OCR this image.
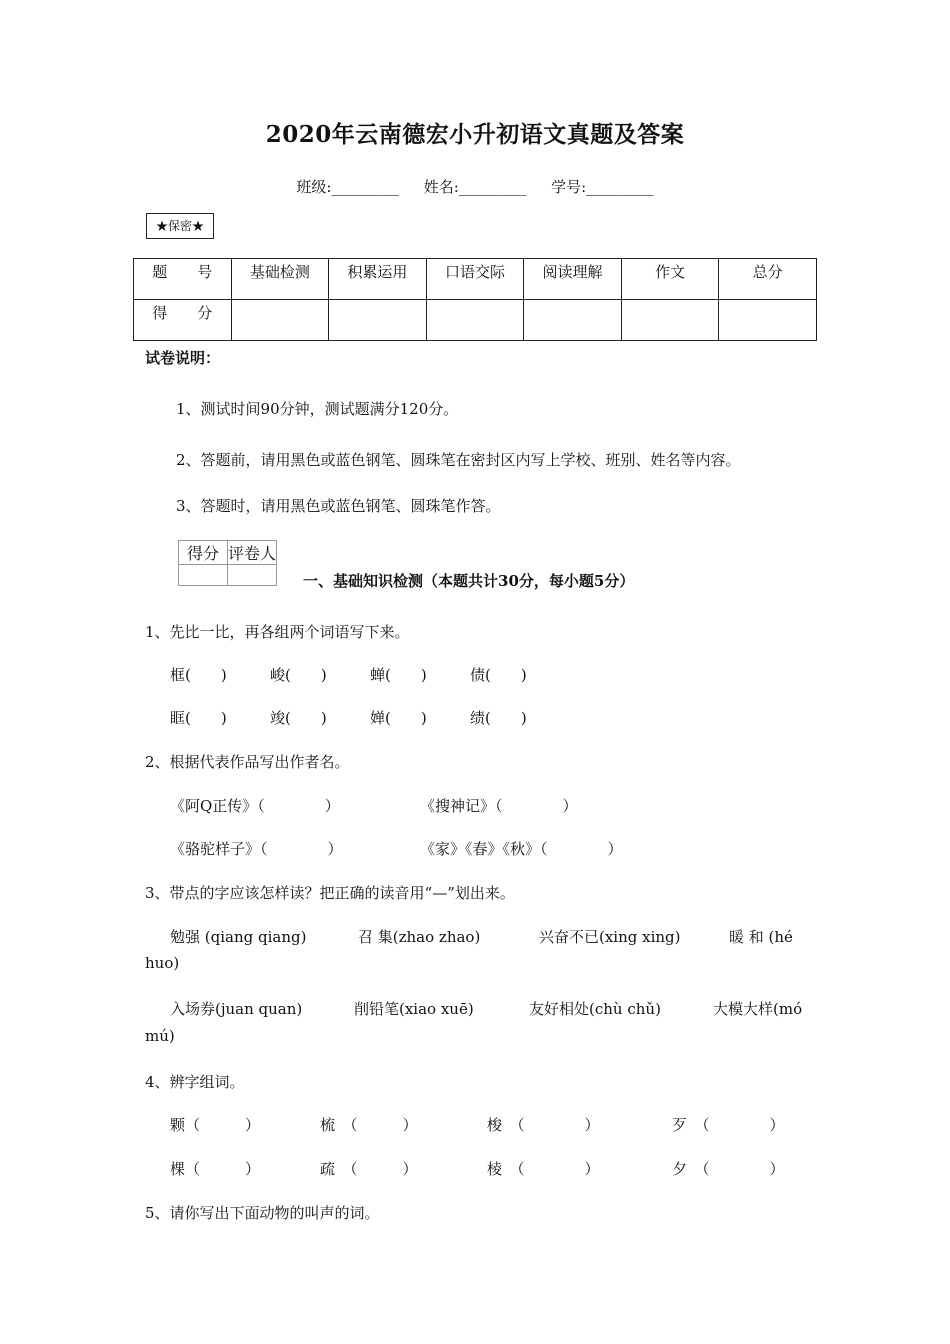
2020年云南德宏小升初语文真题及答案
班级:_________ 姓名:_________ 学号:_________
★保密★
题　　号	基础检测	积累运用	口语交际	阅读理解	作文	总分
得　　分						
试卷说明：
1、测试时间90分钟，测试题满分120分。
2、答题前，请用黑色或蓝色钢笔、圆珠笔在密封区内写上学校、班别、姓名等内容。
3、答题时，请用黑色或蓝色钢笔、圆珠笔作答。
得分	评卷人

一、基础知识检测（本题共计30分，每小题5分）
1、先比一比，再各组两个词语写下来。
框(　　)	峻(　　)	蝉(　　)	债(　　)
眶(　　)	竣(　　)	婵(　　)	绩(　　)
2、根据代表作品写出作者名。
《阿Q正传》（　　　　）	《搜神记》（　　　　）
《骆驼样子》（　　　　）	《家》《春》《秋》（　　　　）
3、带点的字应该怎样读？把正确的读音用“—”划出来。
勉强 (qiang qiang)	召 集(zhao zhao)	兴奋不已(xing xing)	暖 和 (hé
huo)
入场券(juan quan)	削铅笔(xiao xuē)	友好相处(chù chǔ)	大模大样(mó
mú)
4、辨字组词。
颗（　　　）	梳　（　　　）	梭　（　　　　）	歹　（　　　　）
棵（　　　）	疏　（　　　）	棱　（　　　　）	夕　（　　　　）
5、请你写出下面动物的叫声的词。
